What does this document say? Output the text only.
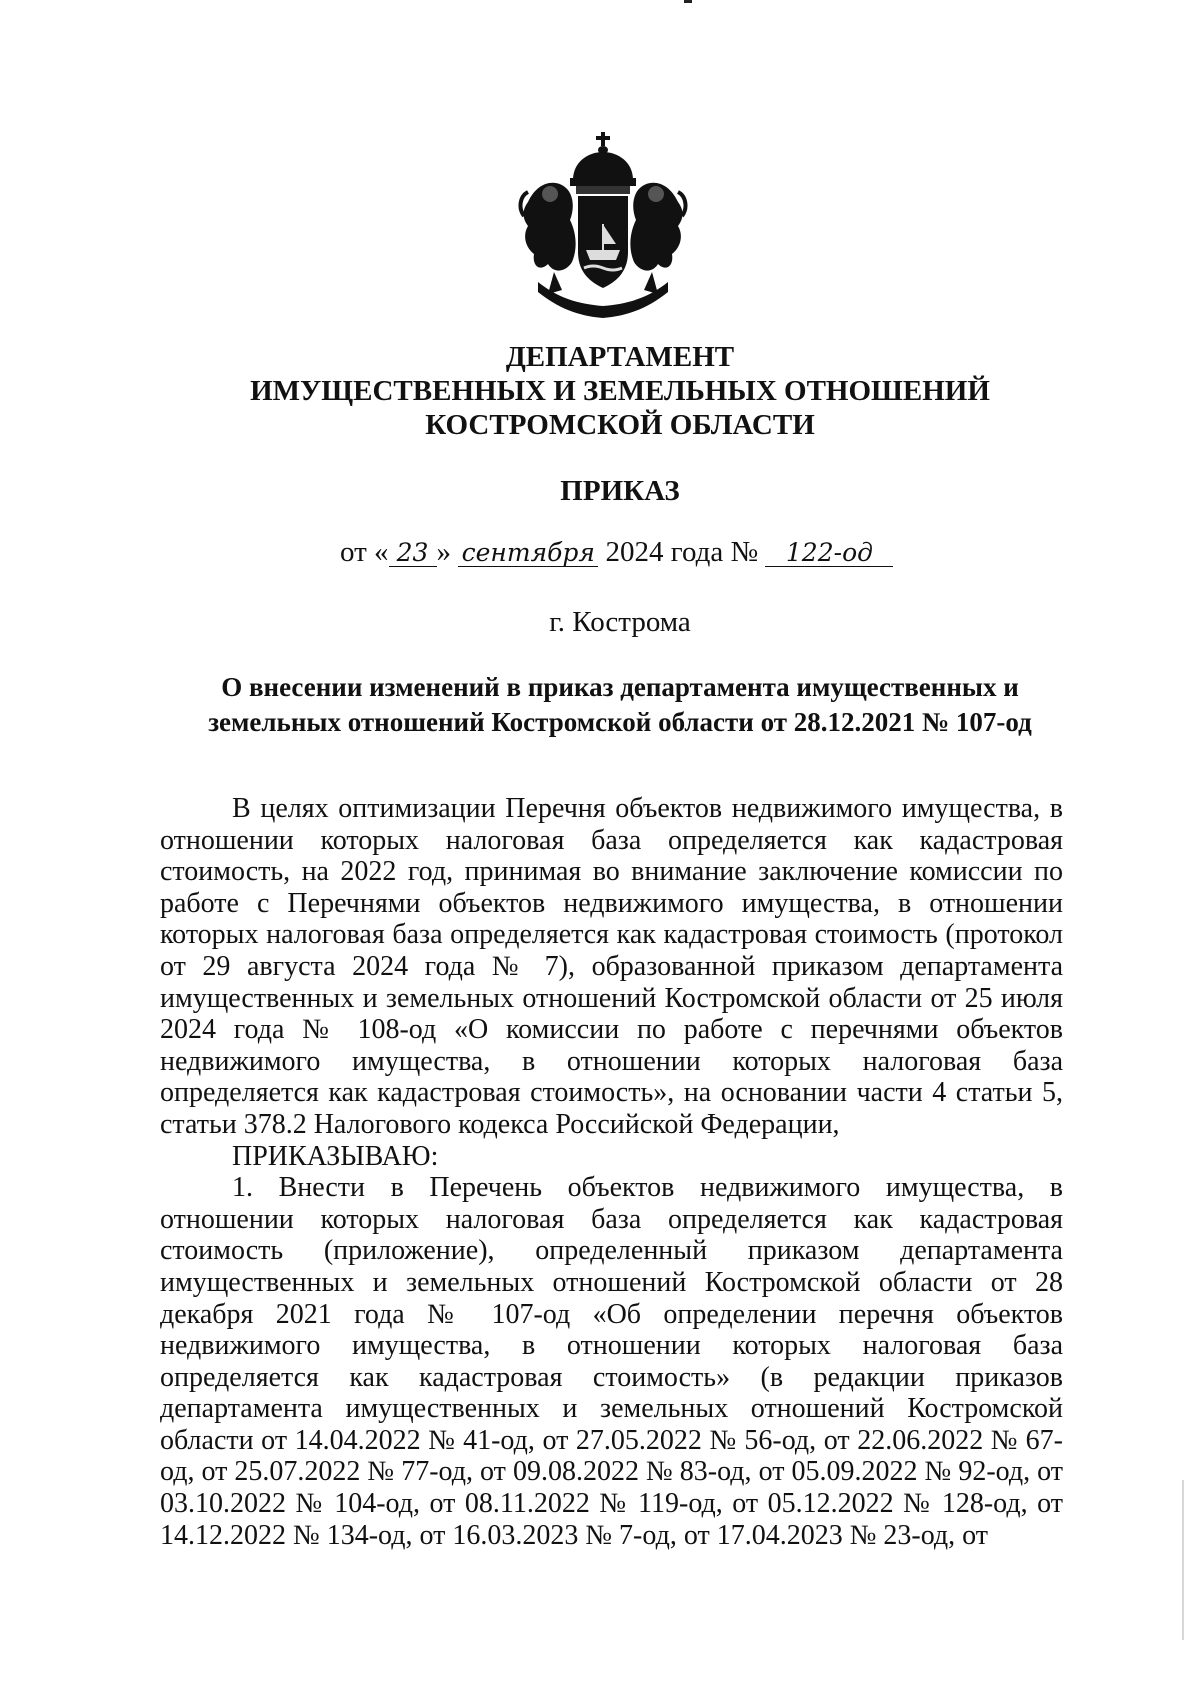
ДЕПАРТАМЕНТ
ИМУЩЕСТВЕННЫХ И ЗЕМЕЛЬНЫХ ОТНОШЕНИЙ
КОСТРОМСКОЙ ОБЛАСТИ
ПРИКАЗ
от « 23 » сентября 2024 года № 122-од
г. Кострома
О внесении изменений в приказ департамента имущественных и
земельных отношений Костромской области от 28.12.2021 № 107-од

В целях оптимизации Перечня объектов недвижимого имущества, в отношении которых налоговая база определяется как кадастровая стоимость, на 2022 год, принимая во внимание заключение комиссии по работе с Перечнями объектов недвижимого имущества, в отношении которых налоговая база определяется как кадастровая стоимость (протокол от 29 августа 2024 года № 7), образованной приказом департамента имущественных и земельных отношений Костромской области от 25 июля 2024 года № 108-од «О комиссии по работе с перечнями объектов недвижимого имущества, в отношении которых налоговая база определяется как кадастровая стоимость», на основании части 4 статьи 5, статьи 378.2 Налогового кодекса Российской Федерации,

ПРИКАЗЫВАЮ:

1. Внести в Перечень объектов недвижимого имущества, в отношении которых налоговая база определяется как кадастровая стоимость (приложение), определенный приказом департамента имущественных и земельных отношений Костромской области от 28 декабря 2021 года № 107-од «Об определении перечня объектов недвижимого имущества, в отношении которых налоговая база определяется как кадастровая стоимость» (в редакции приказов департамента имущественных и земельных отношений Костромской области от 14.04.2022 № 41-од, от 27.05.2022 № 56-од, от 22.06.2022 № 67-од, от 25.07.2022 № 77-од, от 09.08.2022 № 83-од, от 05.09.2022 № 92-од, от 03.10.2022 № 104-од, от 08.11.2022 № 119-од, от 05.12.2022 № 128-од, от 14.12.2022 № 134-од, от 16.03.2023 № 7-од, от 17.04.2023 № 23-од, от
